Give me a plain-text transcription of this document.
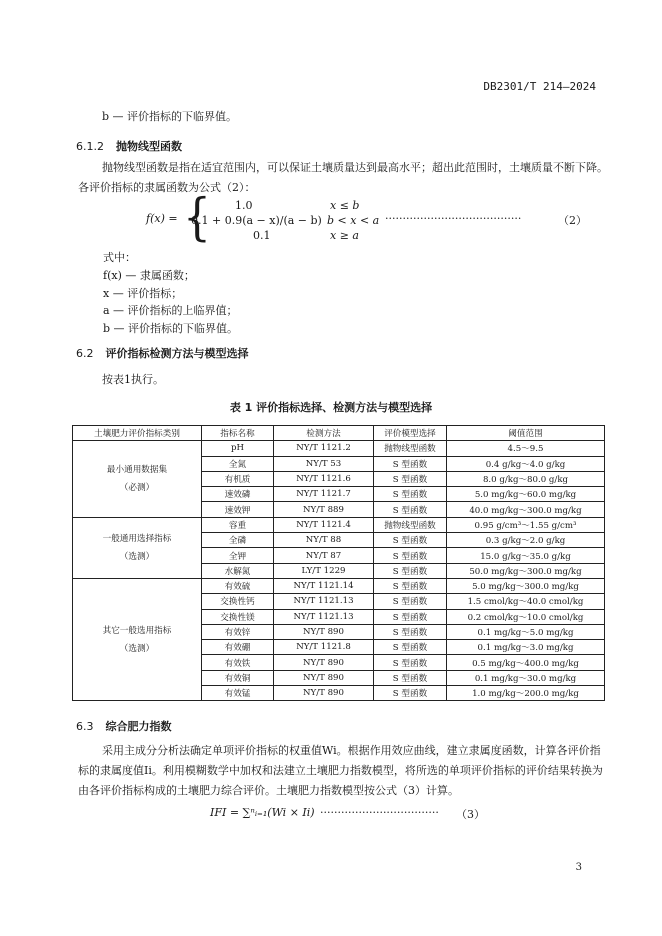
DB2301/T 214—2024
b — 评价指标的下临界值。
6.1.2 抛物线型函数
抛物线型函数是指在适宜范围内，可以保证土壤质量达到最高水平；超出此范围时，土壤质量不断下降。各评价指标的隶属函数为公式（2）：
f(x) = { 1.0	x ≤ b
0.1 + 0.9(a − x)/(a − b) b < x < a
0.1	x ≥ a
·······································	（2）
式中：
f(x) — 隶属函数；
x — 评价指标；
a — 评价指标的上临界值；
b — 评价指标的下临界值。
6.2 评价指标检测方法与模型选择
按表1执行。
表 1 评价指标选择、检测方法与模型选择
土壤肥力评价指标类别	指标名称	检测方法	评价模型选择	阈值范围

最小通用数据集
（必测）	pH	NY/T 1121.2	抛物线型函数	4.5～9.5
	全氮	NY/T 53	S 型函数	0.4 g/kg～4.0 g/kg
	有机质	NY/T 1121.6	S 型函数	8.0 g/kg～80.0 g/kg
	速效磷	NY/T 1121.7	S 型函数	5.0 mg/kg～60.0 mg/kg
	速效钾	NY/T 889	S 型函数	40.0 mg/kg～300.0 mg/kg

一般通用选择指标
（选测）	容重	NY/T 1121.4	抛物线型函数	0.95 g/cm³～1.55 g/cm³
	全磷	NY/T 88	S 型函数	0.3 g/kg～2.0 g/kg
	全钾	NY/T 87	S 型函数	15.0 g/kg～35.0 g/kg
	水解氮	LY/T 1229	S 型函数	50.0 mg/kg～300.0 mg/kg

其它一般选用指标
（选测）	有效硫	NY/T 1121.14	S 型函数	5.0 mg/kg～300.0 mg/kg
	交换性钙	NY/T 1121.13	S 型函数	1.5 cmol/kg～40.0 cmol/kg
	交换性镁	NY/T 1121.13	S 型函数	0.2 cmol/kg～10.0 cmol/kg
	有效锌	NY/T 890	S 型函数	0.1 mg/kg～5.0 mg/kg
	有效硼	NY/T 1121.8	S 型函数	0.1 mg/kg～3.0 mg/kg
	有效铁	NY/T 890	S 型函数	0.5 mg/kg～400.0 mg/kg
	有效铜	NY/T 890	S 型函数	0.1 mg/kg～30.0 mg/kg
	有效锰	NY/T 890	S 型函数	1.0 mg/kg～200.0 mg/kg
6.3 综合肥力指数
采用主成分分析法确定单项评价指标的权重值Wi。根据作用效应曲线，建立隶属度函数，计算各评价指标的隶属度值Ii。利用模糊数学中加权和法建立土壤肥力指数模型，将所选的单项评价指标的评价结果转换为由各评价指标构成的土壤肥力综合评价。土壤肥力指数模型按公式（3）计算。
IFI = ∑ⁿᵢ₌₁(Wi × Ii) ·································· （3）
3
